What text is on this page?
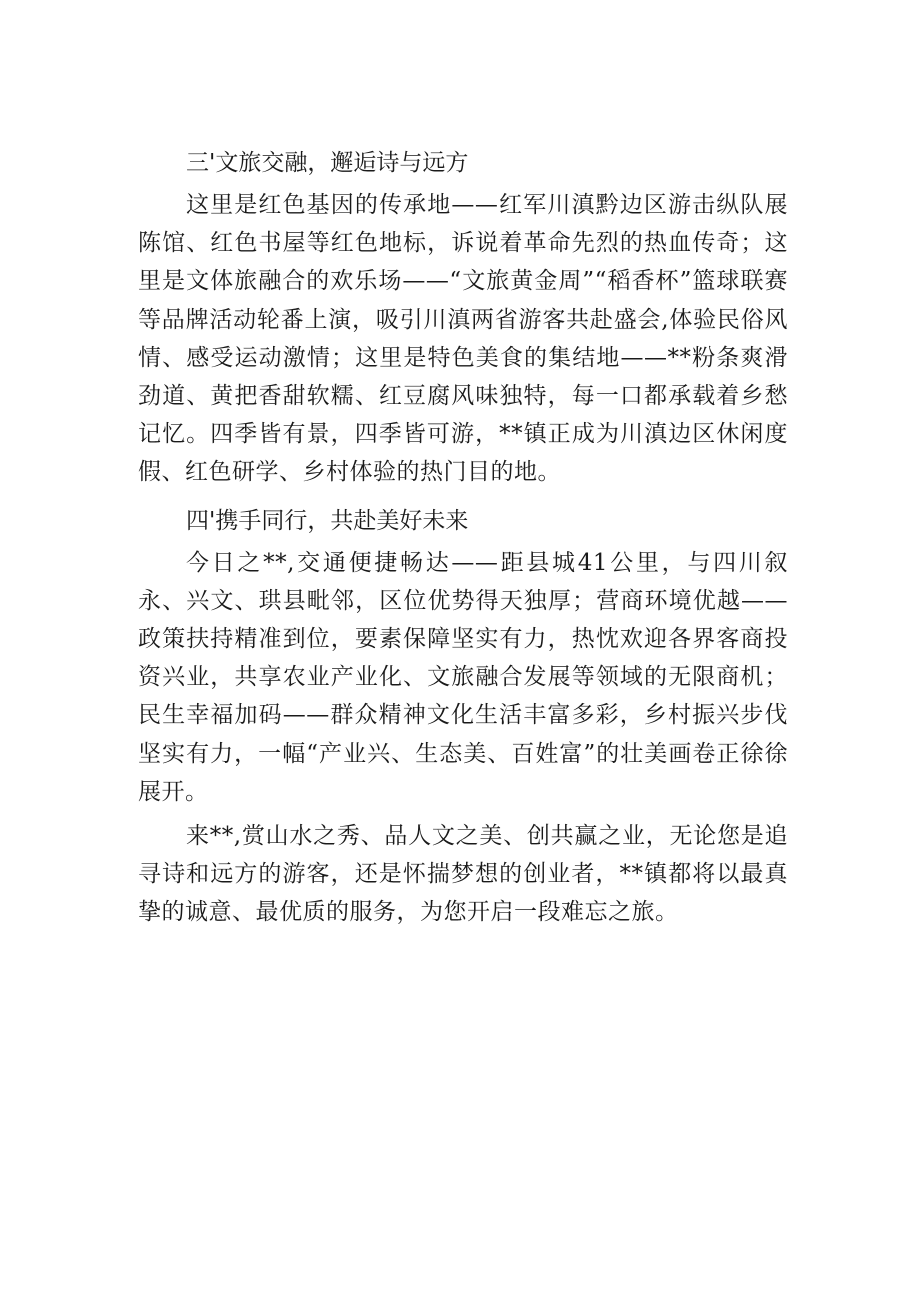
三'文旅交融，邂逅诗与远方

这里是红色基因的传承地——红军川滇黔边区游击纵队展陈馆、红色书屋等红色地标，诉说着革命先烈的热血传奇；这里是文体旅融合的欢乐场——“文旅黄金周”“稻香杯”篮球联赛等品牌活动轮番上演，吸引川滇两省游客共赴盛会,体验民俗风情、感受运动激情；这里是特色美食的集结地——**粉条爽滑劲道、黄把香甜软糯、红豆腐风味独特，每一口都承载着乡愁记忆。四季皆有景，四季皆可游，**镇正成为川滇边区休闲度假、红色研学、乡村体验的热门目的地。

四'携手同行，共赴美好未来

今日之**,交通便捷畅达——距县城41公里，与四川叙永、兴文、珙县毗邻，区位优势得天独厚；营商环境优越——政策扶持精准到位，要素保障坚实有力，热忱欢迎各界客商投资兴业，共享农业产业化、文旅融合发展等领域的无限商机；民生幸福加码——群众精神文化生活丰富多彩，乡村振兴步伐坚实有力，一幅“产业兴、生态美、百姓富”的壮美画卷正徐徐展开。

来**,赏山水之秀、品人文之美、创共赢之业，无论您是追寻诗和远方的游客，还是怀揣梦想的创业者，**镇都将以最真挚的诚意、最优质的服务，为您开启一段难忘之旅。
